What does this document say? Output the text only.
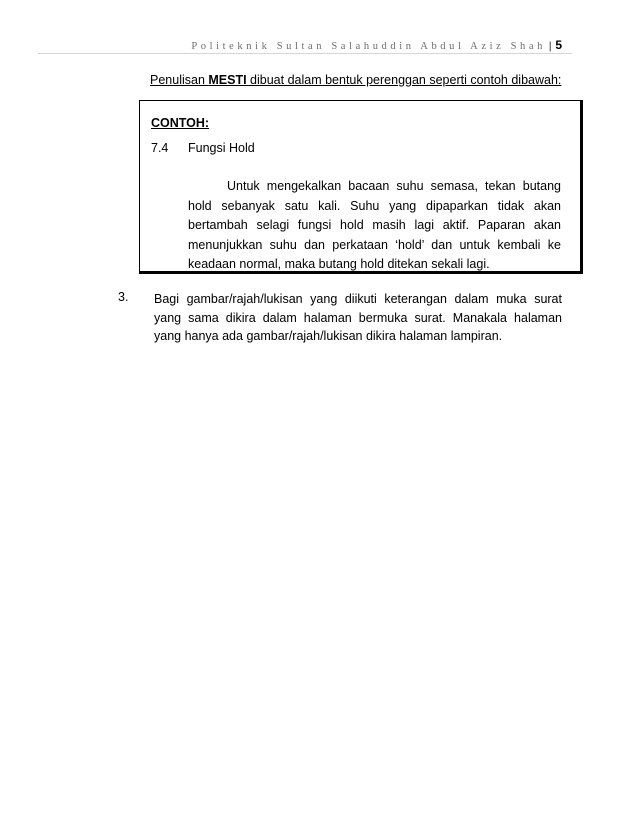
Politeknik Sultan Salahuddin Abdul Aziz Shah | 5
Penulisan MESTI dibuat dalam bentuk perenggan seperti contoh dibawah:
CONTOH:
7.4 Fungsi Hold

Untuk mengekalkan bacaan suhu semasa, tekan butang hold sebanyak satu kali. Suhu yang dipaparkan tidak akan bertambah selagi fungsi hold masih lagi aktif. Paparan akan menunjukkan suhu dan perkataan ‘hold’ dan untuk kembali ke keadaan normal, maka butang hold ditekan sekali lagi.

3. Bagi gambar/rajah/lukisan yang diikuti keterangan dalam muka surat yang sama dikira dalam halaman bermuka surat. Manakala halaman yang hanya ada gambar/rajah/lukisan dikira halaman lampiran.
